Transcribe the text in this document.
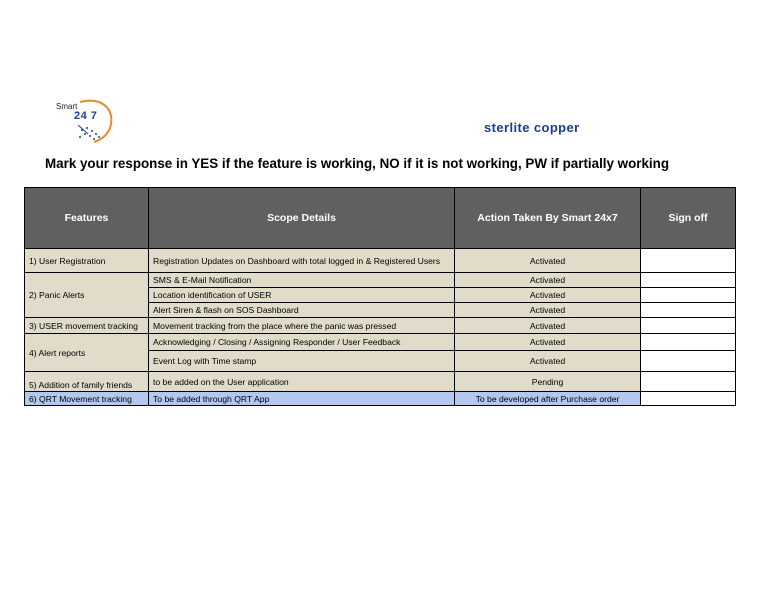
Smart
24 7
sterlite copper
Mark your response in YES if the feature is working, NO if it is not working, PW if partially working
Features	Scope Details	Action Taken By Smart 24x7	Sign off
1) User Registration	Registration Updates on Dashboard with total logged in & Registered Users	Activated	
2) Panic Alerts	SMS & E-Mail Notification	Activated	
	Location identification of USER	Activated	
	Alert Siren & flash on SOS Dashboard	Activated	
3) USER movement tracking	Movement tracking from the place where the panic was pressed	Activated	
4) Alert reports	Acknowledging / Closing / Assigning Responder / User Feedback	Activated	
	Event Log with Time stamp	Activated	
5) Addition of family friends	to be added on the User application	Pending	
6) QRT Movement tracking	To be added through QRT App	To be developed after Purchase order	
